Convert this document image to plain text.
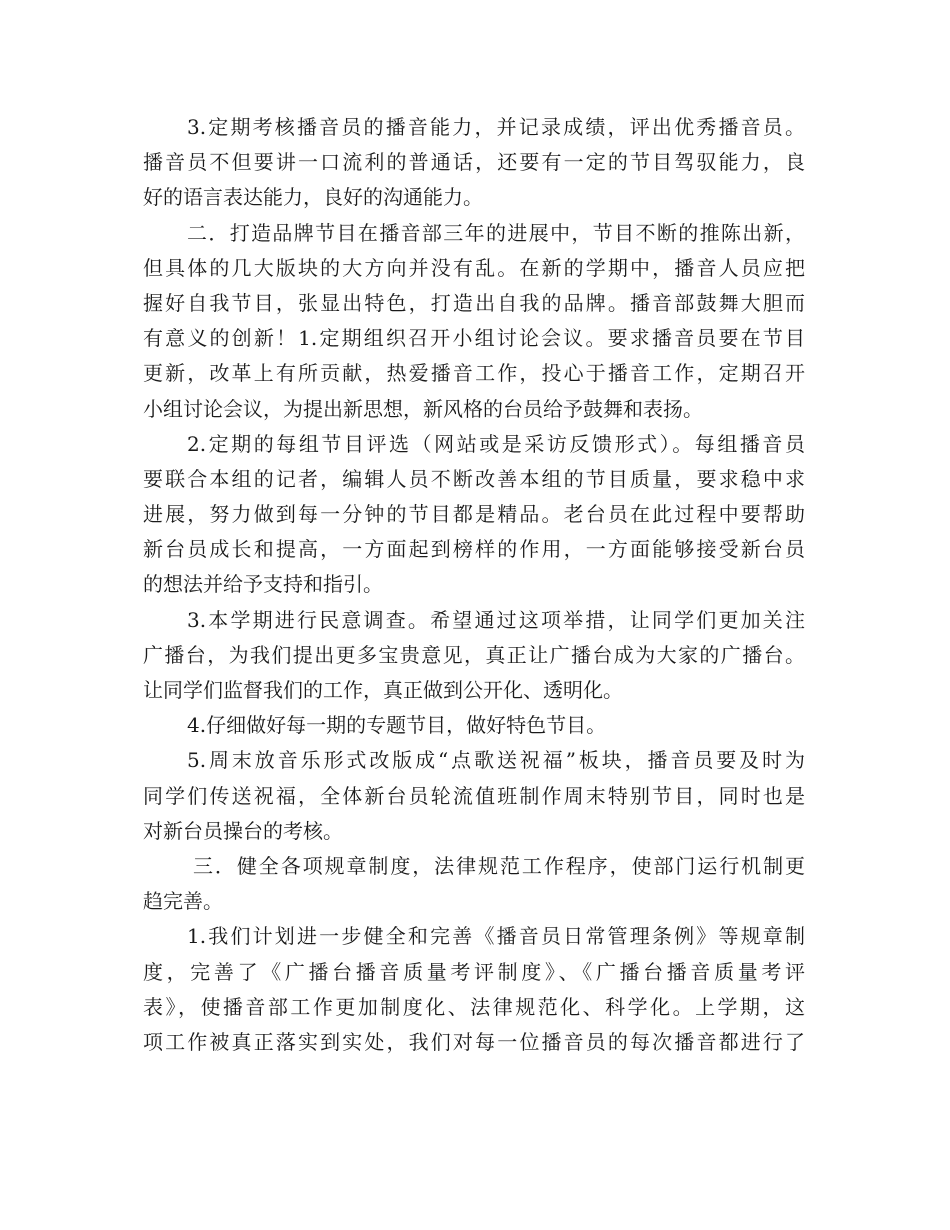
3.定期考核播音员的播音能力，并记录成绩，评出优秀播音员。
播音员不但要讲一口流利的普通话，还要有一定的节目驾驭能力，良
好的语言表达能力，良好的沟通能力。
二．打造品牌节目在播音部三年的进展中，节目不断的推陈出新，
但具体的几大版块的大方向并没有乱。在新的学期中，播音人员应把
握好自我节目，张显出特色，打造出自我的品牌。播音部鼓舞大胆而
有意义的创新！1.定期组织召开小组讨论会议。要求播音员要在节目
更新，改革上有所贡献，热爱播音工作，投心于播音工作，定期召开
小组讨论会议，为提出新思想，新风格的台员给予鼓舞和表扬。
2.定期的每组节目评选（网站或是采访反馈形式）。每组播音员
要联合本组的记者，编辑人员不断改善本组的节目质量，要求稳中求
进展，努力做到每一分钟的节目都是精品。老台员在此过程中要帮助
新台员成长和提高，一方面起到榜样的作用，一方面能够接受新台员
的想法并给予支持和指引。
3.本学期进行民意调查。希望通过这项举措，让同学们更加关注
广播台，为我们提出更多宝贵意见，真正让广播台成为大家的广播台。
让同学们监督我们的工作，真正做到公开化、透明化。
4.仔细做好每一期的专题节目，做好特色节目。
5.周末放音乐形式改版成“点歌送祝福”板块，播音员要及时为
同学们传送祝福，全体新台员轮流值班制作周末特别节目，同时也是
对新台员操台的考核。
三．健全各项规章制度，法律规范工作程序，使部门运行机制更
趋完善。
1.我们计划进一步健全和完善《播音员日常管理条例》等规章制
度，完善了《广播台播音质量考评制度》、《广播台播音质量考评
表》，使播音部工作更加制度化、法律规范化、科学化。上学期，这
项工作被真正落实到实处，我们对每一位播音员的每次播音都进行了
